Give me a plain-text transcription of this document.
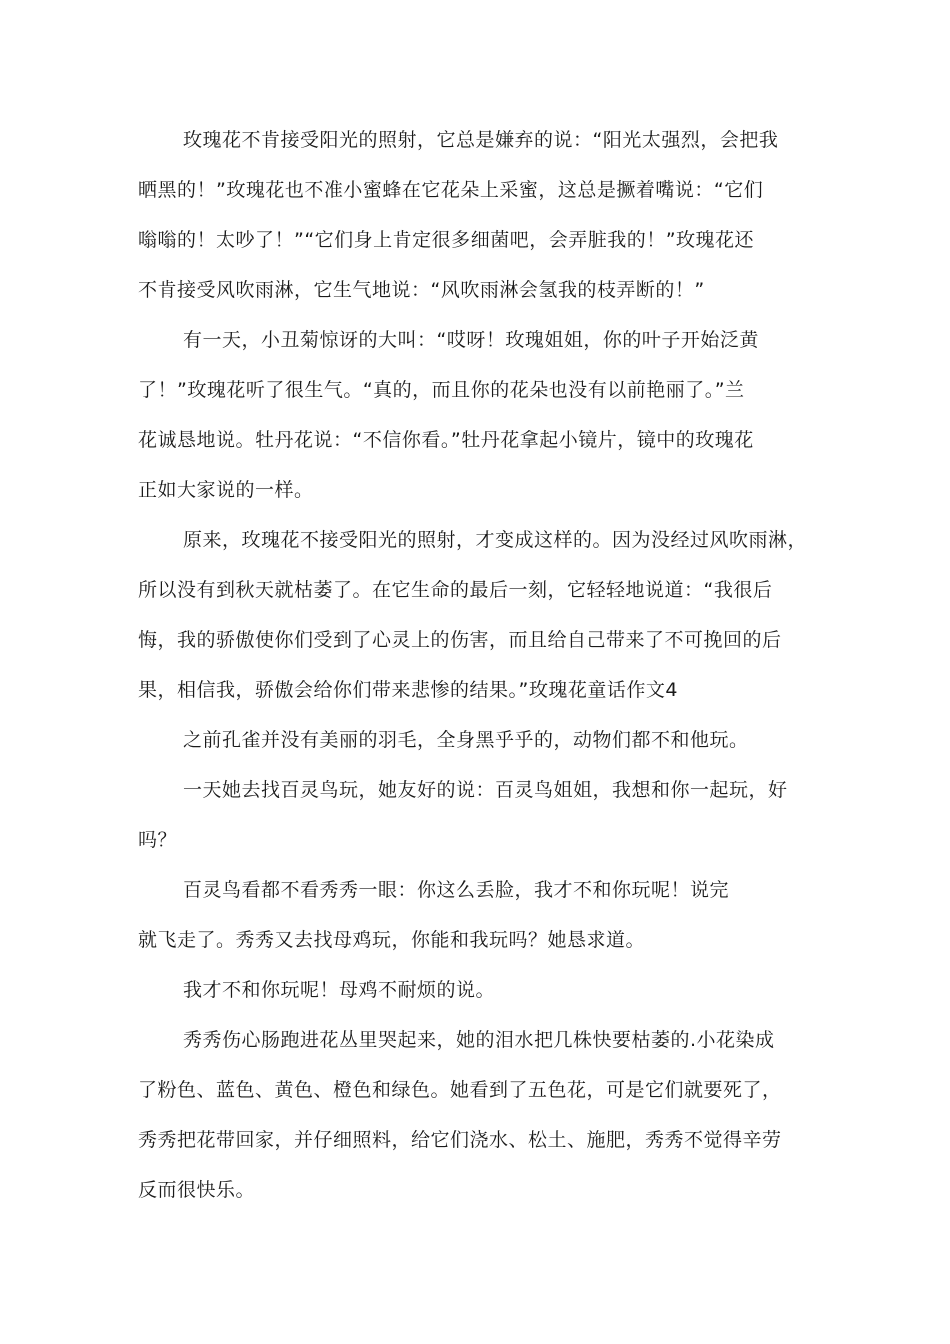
玫瑰花不肯接受阳光的照射，它总是嫌弃的说：“阳光太强烈，会把我
晒黑的！”玫瑰花也不准小蜜蜂在它花朵上采蜜，这总是撅着嘴说：“它们
嗡嗡的！太吵了！”“它们身上肯定很多细菌吧，会弄脏我的！”玫瑰花还
不肯接受风吹雨淋，它生气地说：“风吹雨淋会氢我的枝弄断的！”
有一天，小丑菊惊讶的大叫：“哎呀！玫瑰姐姐，你的叶子开始泛黄
了！”玫瑰花听了很生气。“真的，而且你的花朵也没有以前艳丽了。”兰
花诚恳地说。牡丹花说：“不信你看。”牡丹花拿起小镜片，镜中的玫瑰花
正如大家说的一样。
原来，玫瑰花不接受阳光的照射，才变成这样的。因为没经过风吹雨淋，
所以没有到秋天就枯萎了。在它生命的最后一刻，它轻轻地说道：“我很后
悔，我的骄傲使你们受到了心灵上的伤害，而且给自己带来了不可挽回的后
果，相信我，骄傲会给你们带来悲惨的结果。”玫瑰花童话作文4
之前孔雀并没有美丽的羽毛，全身黑乎乎的，动物们都不和他玩。
一天她去找百灵鸟玩，她友好的说：百灵鸟姐姐，我想和你一起玩，好
吗？
百灵鸟看都不看秀秀一眼：你这么丢脸，我才不和你玩呢！说完
就飞走了。秀秀又去找母鸡玩，你能和我玩吗？她恳求道。
我才不和你玩呢！母鸡不耐烦的说。
秀秀伤心肠跑进花丛里哭起来，她的泪水把几株快要枯萎的.小花染成
了粉色、蓝色、黄色、橙色和绿色。她看到了五色花，可是它们就要死了，
秀秀把花带回家，并仔细照料，给它们浇水、松土、施肥，秀秀不觉得辛劳
反而很快乐。
